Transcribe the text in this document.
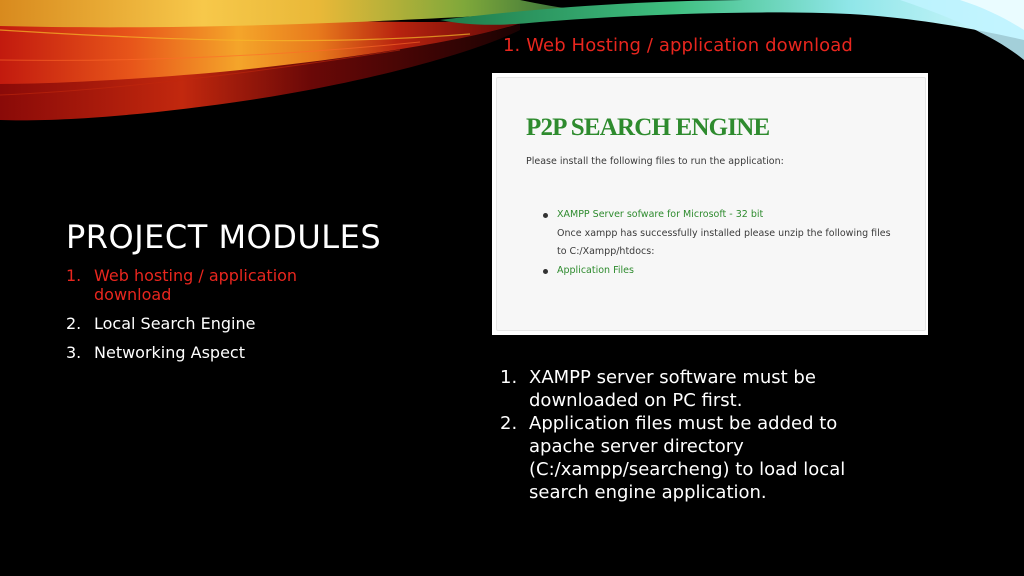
1. Web Hosting / application download
P2P SEARCH ENGINE
Please install the following files to run the application:
XAMPP Server sofware for Microsoft - 32 bit
Once xampp has successfully installed please unzip the following files to C:/Xampp/htdocs:
Application Files
PROJECT MODULES
1. Web hosting / application download
2. Local Search Engine
3. Networking Aspect
1. XAMPP server software must be downloaded on PC first.
2. Application files must be added to apache server directory (C:/xampp/searcheng) to load local search engine application.
